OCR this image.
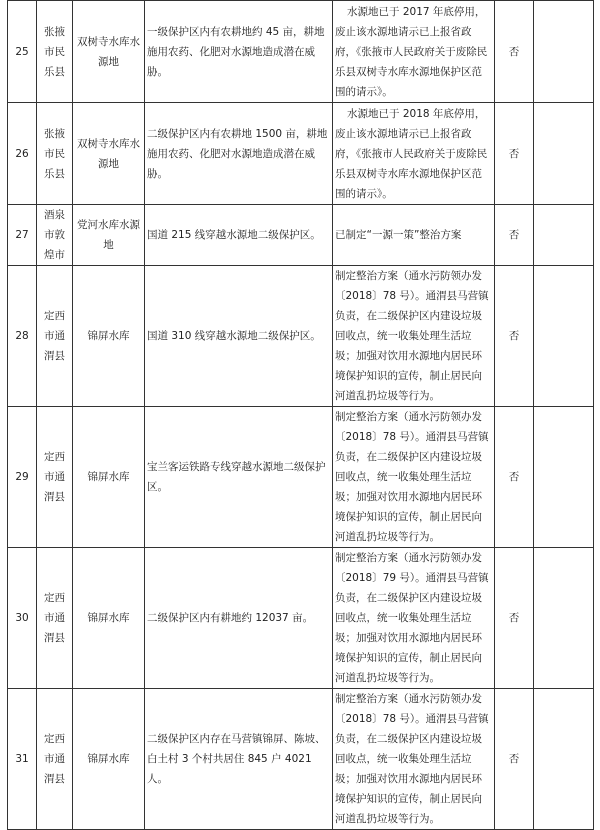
25	张掖市民乐县	双树寺水库水源地	一级保护区内有农耕地约 45 亩，耕地施用农药、化肥对水源地造成潜在威胁。	水源地已于 2017 年底停用，废止该水源地请示已上报省政府，《张掖市人民政府关于废除民乐县双树寺水库水源地保护区范围的请示》。	否	
26	张掖市民乐县	双树寺水库水源地	二级保护区内有农耕地 1500 亩，耕地施用农药、化肥对水源地造成潜在威胁。	水源地已于 2018 年底停用，废止该水源地请示已上报省政府，《张掖市人民政府关于废除民乐县双树寺水库水源地保护区范围的请示》。	否	
27	酒泉市敦煌市	党河水库水源地	国道 215 线穿越水源地二级保护区。	已制定“一源一策”整治方案	否	
28	定西市通渭县	锦屏水库	国道 310 线穿越水源地二级保护区。	制定整治方案（通水污防领办发〔2018〕78 号）。通渭县马营镇负责，在二级保护区内建设垃圾回收点，统一收集处理生活垃圾；加强对饮用水源地内居民环境保护知识的宣传，制止居民向河道乱扔垃圾等行为。	否	
29	定西市通渭县	锦屏水库	宝兰客运铁路专线穿越水源地二级保护区。	制定整治方案（通水污防领办发〔2018〕78 号）。通渭县马营镇负责，在二级保护区内建设垃圾回收点，统一收集处理生活垃圾；加强对饮用水源地内居民环境保护知识的宣传，制止居民向河道乱扔垃圾等行为。	否	
30	定西市通渭县	锦屏水库	二级保护区内有耕地约 12037 亩。	制定整治方案（通水污防领办发〔2018〕79 号）。通渭县马营镇负责，在二级保护区内建设垃圾回收点，统一收集处理生活垃圾；加强对饮用水源地内居民环境保护知识的宣传，制止居民向河道乱扔垃圾等行为。	否	
31	定西市通渭县	锦屏水库	二级保护区内存在马营镇锦屏、陈坡、白土村 3 个村共居住 845 户 4021 人。	制定整治方案（通水污防领办发〔2018〕78 号）。通渭县马营镇负责，在二级保护区内建设垃圾回收点，统一收集处理生活垃圾；加强对饮用水源地内居民环境保护知识的宣传，制止居民向河道乱扔垃圾等行为。	否	
